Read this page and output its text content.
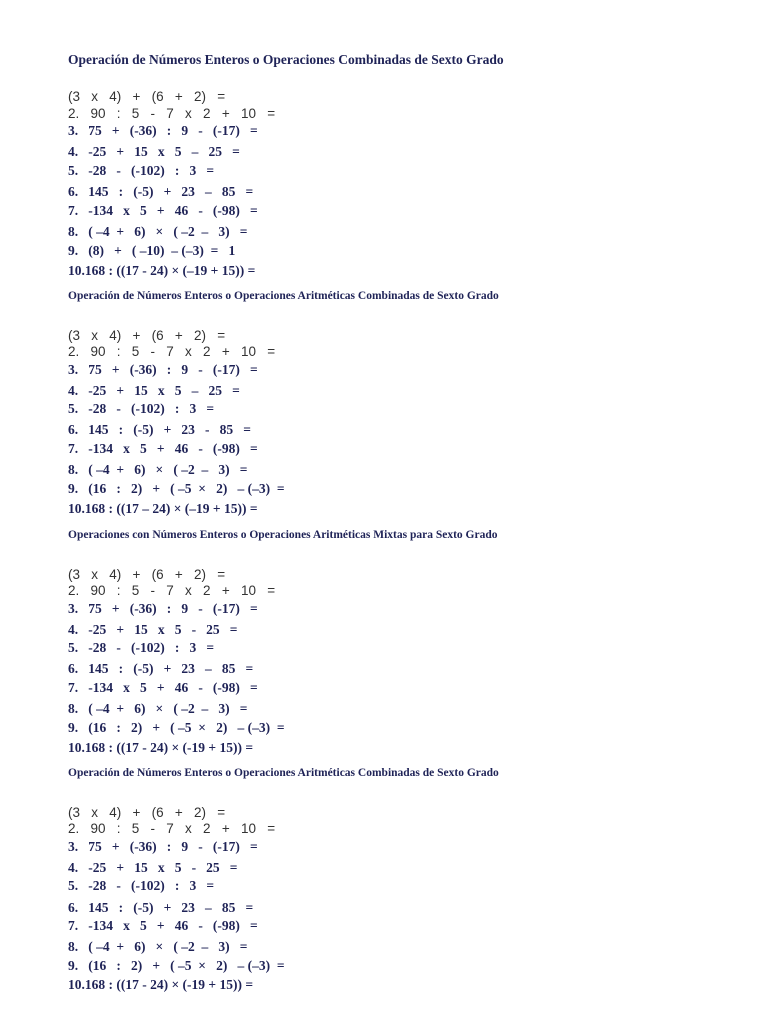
Operación de Números Enteros o Operaciones Combinadas de Sexto Grado
(3   x   4)   +   (6   +   2)   =
2.   90   :   5   -   7   x   2   +   10   =
3.   75   +   (-36)   :   9   -   (-17)   =
4.   -25   +   15   x   5   –   25   =
5.   -28   -   (-102)   :   3   =
6.   145   :   (-5)   +   23   –   85   =
7.   -134   x   5   +   46   -   (-98)   =
8.   ( –4  +   6)   ×   ( –2  –   3)   =
9.   (8)   +   ( –10)  – (–3)  =   1
10.168 : ((17 - 24) × (–19 + 15)) =
Operación de Números Enteros o Operaciones Aritméticas Combinadas de Sexto Grado
(3   x   4)   +   (6   +   2)   =
2.   90   :   5   -   7   x   2   +   10   =
3.   75   +   (-36)   :   9   -   (-17)   =
4.   -25   +   15   x   5   –   25   =
5.   -28   -   (-102)   :   3   =
6.   145   :   (-5)   +   23   -   85   =
7.   -134   x   5   +   46   -   (-98)   =
8.   ( –4  +   6)   ×   ( –2  –   3)   =
9.   (16   :   2)   +   ( –5  ×   2)   – (–3)  =
10.168 : ((17 – 24) × (–19 + 15)) =
Operaciones con Números Enteros o Operaciones Aritméticas Mixtas para Sexto Grado
(3   x   4)   +   (6   +   2)   =
2.   90   :   5   -   7   x   2   +   10   =
3.   75   +   (-36)   :   9   -   (-17)   =
4.   -25   +   15   x   5   -   25   =
5.   -28   -   (-102)   :   3   =
6.   145   :   (-5)   +   23   –   85   =
7.   -134   x   5   +   46   -   (-98)   =
8.   ( –4  +   6)   ×   ( –2  –   3)   =
9.   (16   :   2)   +   ( –5  ×   2)   – (–3)  =
10.168 : ((17 - 24) × (-19 + 15)) =
Operación de Números Enteros o Operaciones Aritméticas Combinadas de Sexto Grado
(3   x   4)   +   (6   +   2)   =
2.   90   :   5   -   7   x   2   +   10   =
3.   75   +   (-36)   :   9   -   (-17)   =
4.   -25   +   15   x   5   -   25   =
5.   -28   -   (-102)   :   3   =
6.   145   :   (-5)   +   23   –   85   =
7.   -134   x   5   +   46   -   (-98)   =
8.   ( –4  +   6)   ×   ( –2  –   3)   =
9.   (16   :   2)   +   ( –5  ×   2)   – (–3)  =
10.168 : ((17 - 24) × (-19 + 15)) =
